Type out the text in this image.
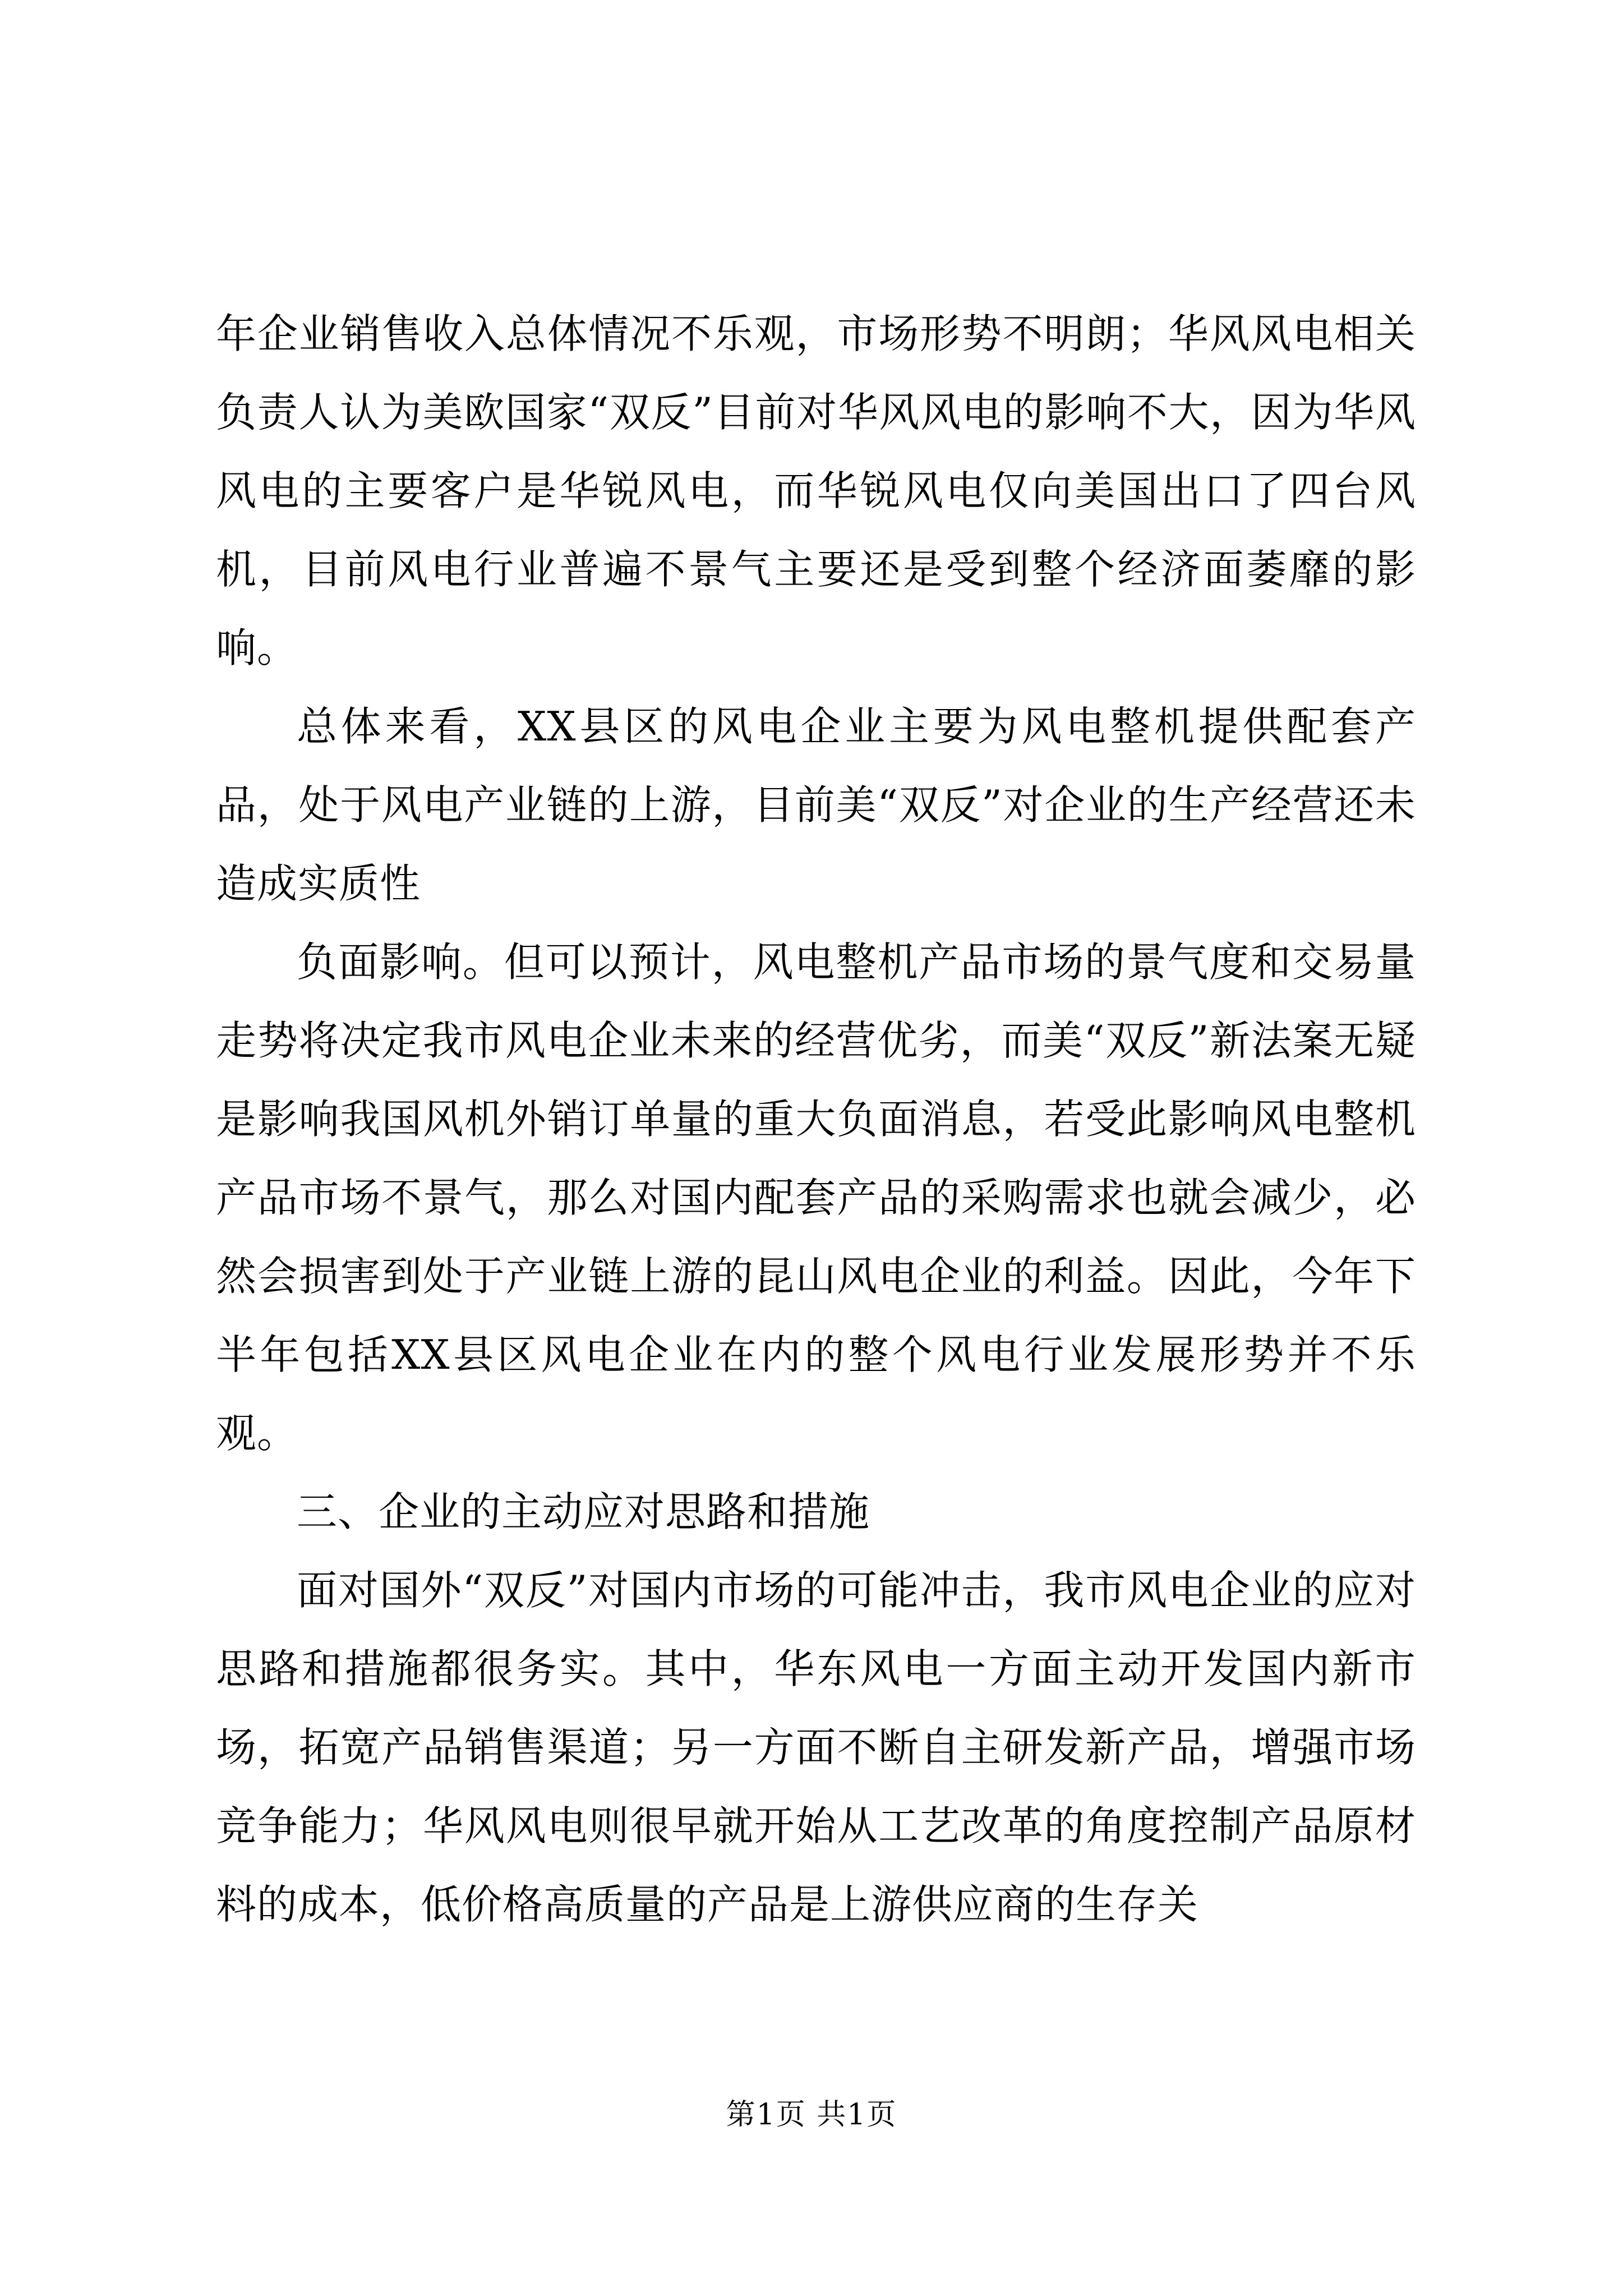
年企业销售收入总体情况不乐观，市场形势不明朗；华风风电相关负责人认为美欧国家“双反”目前对华风风电的影响不大，因为华风风电的主要客户是华锐风电，而华锐风电仅向美国出口了四台风机，目前风电行业普遍不景气主要还是受到整个经济面萎靡的影响。

总体来看，XX县区的风电企业主要为风电整机提供配套产品，处于风电产业链的上游，目前美“双反”对企业的生产经营还未造成实质性

负面影响。但可以预计，风电整机产品市场的景气度和交易量走势将决定我市风电企业未来的经营优劣，而美“双反”新法案无疑是影响我国风机外销订单量的重大负面消息，若受此影响风电整机产品市场不景气，那么对国内配套产品的采购需求也就会减少，必然会损害到处于产业链上游的昆山风电企业的利益。因此，今年下半年包括XX县区风电企业在内的整个风电行业发展形势并不乐观。

三、企业的主动应对思路和措施

面对国外“双反”对国内市场的可能冲击，我市风电企业的应对思路和措施都很务实。其中，华东风电一方面主动开发国内新市场，拓宽产品销售渠道；另一方面不断自主研发新产品，增强市场竞争能力；华风风电则很早就开始从工艺改革的角度控制产品原材料的成本，低价格高质量的产品是上游供应商的生存关

第1页 共1页
